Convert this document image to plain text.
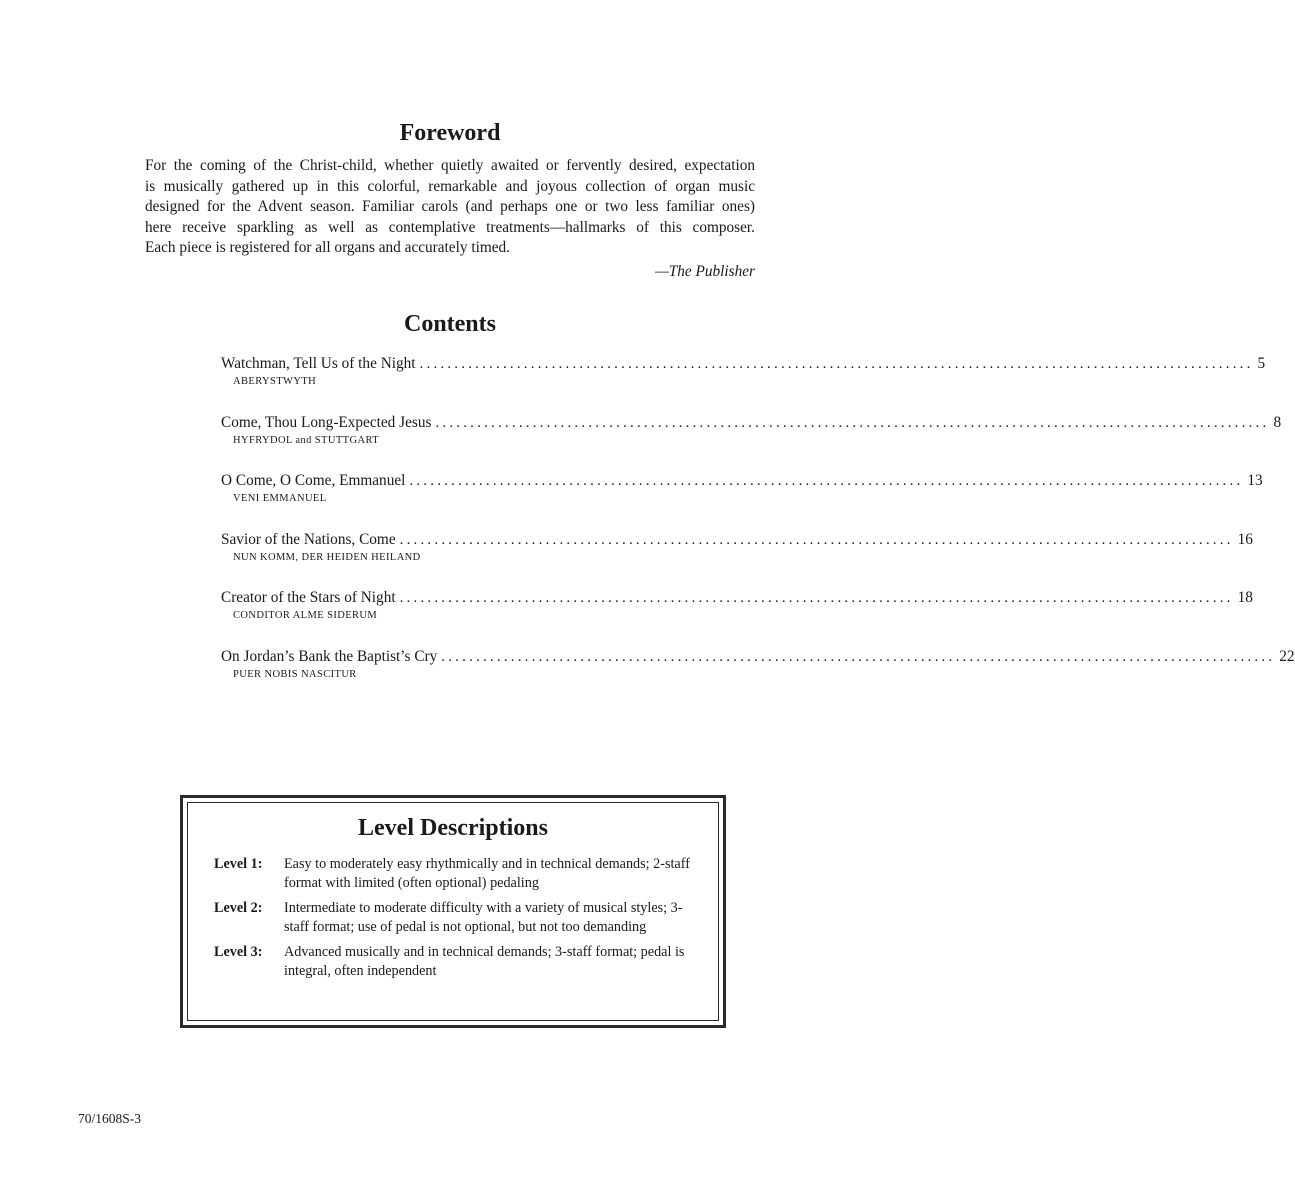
Foreword

For the coming of the Christ-child, whether quietly awaited or fervently desired, expectation
is musically gathered up in this colorful, remarkable and joyous collection of organ music
designed for the Advent season. Familiar carols (and perhaps one or two less familiar ones)
here receive sparkling as well as contemplative treatments—hallmarks of this composer.
Each piece is registered for all organs and accurately timed.

—The Publisher
Contents
Watchman, Tell Us of the Night ........................................................................................................................ 5
ABERYSTWYTH
Come, Thou Long-Expected Jesus ........................................................................................................................ 8
HYFRYDOL and STUTTGART
O Come, O Come, Emmanuel ........................................................................................................................ 13
VENI EMMANUEL
Savior of the Nations, Come ........................................................................................................................ 16
NUN KOMM, DER HEIDEN HEILAND
Creator of the Stars of Night ........................................................................................................................ 18
CONDITOR ALME SIDERUM
On Jordan’s Bank the Baptist’s Cry ........................................................................................................................ 22
PUER NOBIS NASCITUR
Level Descriptions
Level 1:	Easy to moderately easy rhythmically and in technical demands; 2-staff format with limited (often optional) pedaling
Level 2:	Intermediate to moderate difficulty with a variety of musical styles; 3-staff format; use of pedal is not optional, but not too demanding
Level 3:	Advanced musically and in technical demands; 3-staff format; pedal is integral, often independent
70/1608S-3
